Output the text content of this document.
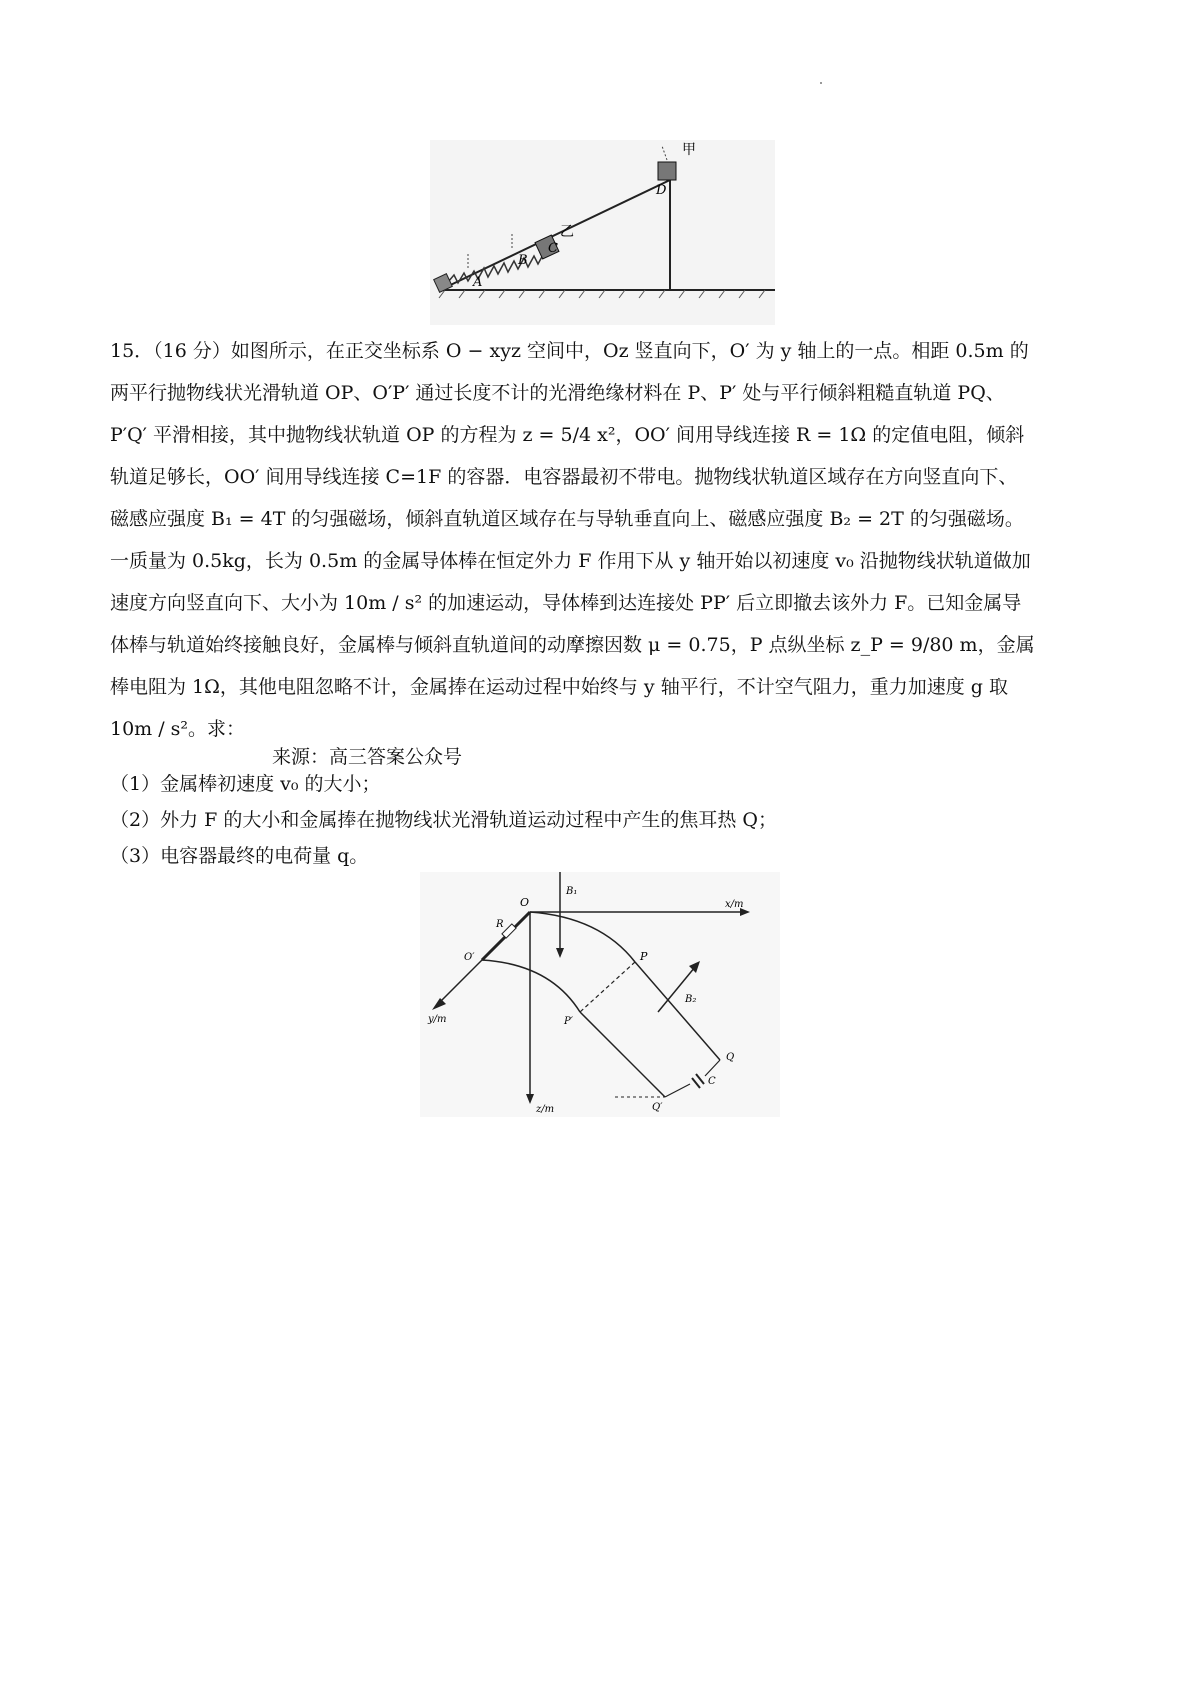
甲
乙
A
B
C
D

15．（16 分）如图所示，在正交坐标系 O − xyz 空间中，Oz 竖直向下，O′ 为 y 轴上的一点。相距 0.5m 的

两平行抛物线状光滑轨道 OP、O′P′ 通过长度不计的光滑绝缘材料在 P、P′ 处与平行倾斜粗糙直轨道 PQ、

P′Q′ 平滑相接，其中抛物线状轨道 OP 的方程为 z = 5/4 x²，OO′ 间用导线连接 R = 1Ω 的定值电阻，倾斜

轨道足够长，OO′ 间用导线连接 C=1F 的容器．电容器最初不带电。抛物线状轨道区域存在方向竖直向下、

磁感应强度 B₁ = 4T 的匀强磁场，倾斜直轨道区域存在与导轨垂直向上、磁感应强度 B₂ = 2T 的匀强磁场。

一质量为 0.5kg，长为 0.5m 的金属导体棒在恒定外力 F 作用下从 y 轴开始以初速度 v₀ 沿抛物线状轨道做加

速度方向竖直向下、大小为 10m / s² 的加速运动，导体棒到达连接处 PP′ 后立即撤去该外力 F。已知金属导

体棒与轨道始终接触良好，金属棒与倾斜直轨道间的动摩擦因数 μ = 0.75，P 点纵坐标 z_P = 9/80 m，金属

棒电阻为 1Ω，其他电阻忽略不计，金属捧在运动过程中始终与 y 轴平行，不计空气阻力，重力加速度 g 取

10m / s²。求：

来源：高三答案公众号
（1）金属棒初速度 v₀ 的大小；
（2）外力 F 的大小和金属捧在抛物线状光滑轨道运动过程中产生的焦耳热 Q；
（3）电容器最终的电荷量 q。
B₁
O
R
O′
x/m
P
B₂
y/m	P′
Q
C
Q′
z/m
